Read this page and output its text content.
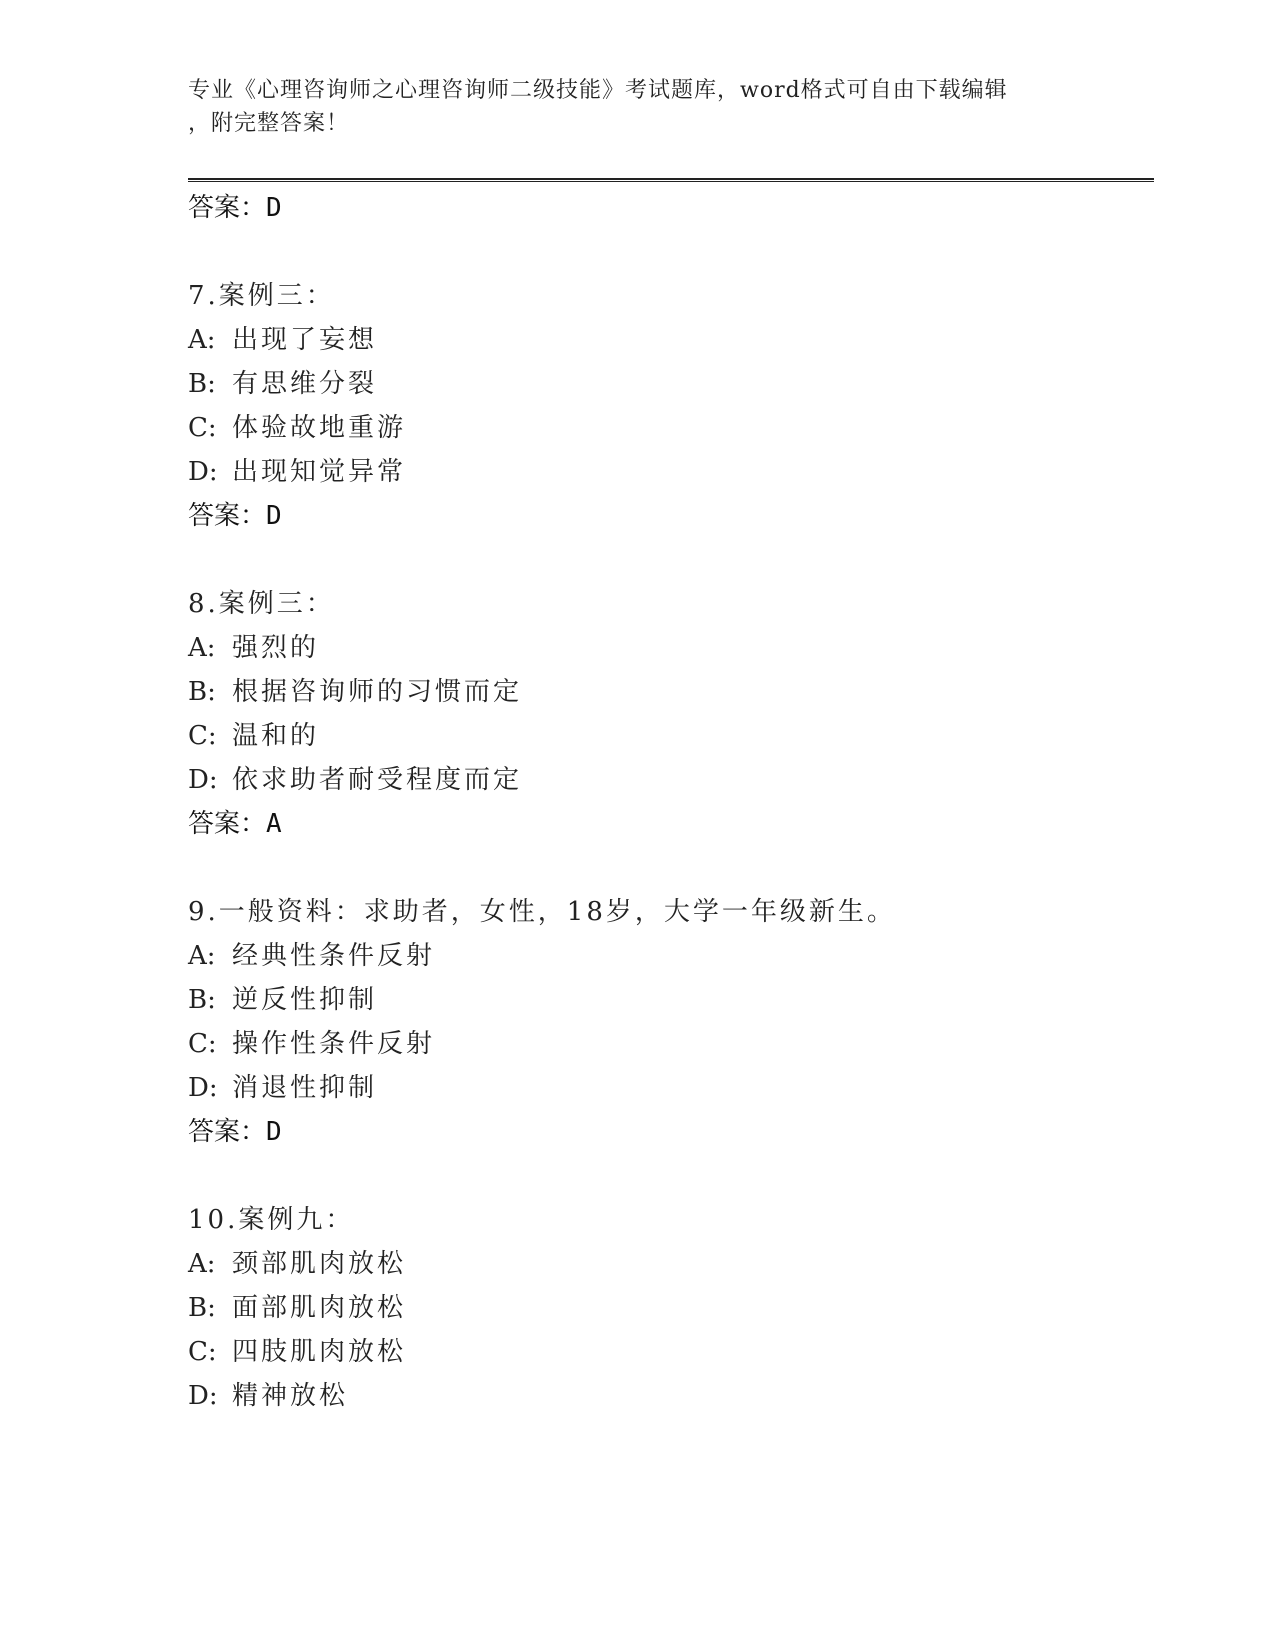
专业《心理咨询师之心理咨询师二级技能》考试题库，word格式可自由下载编辑
，附完整答案！
答案：D
7.案例三：
A: 出现了妄想
B: 有思维分裂
C: 体验故地重游
D: 出现知觉异常
答案：D
8.案例三：
A: 强烈的
B: 根据咨询师的习惯而定
C: 温和的
D: 依求助者耐受程度而定
答案：A
9.一般资料：求助者，女性，18岁，大学一年级新生。
A: 经典性条件反射
B: 逆反性抑制
C: 操作性条件反射
D: 消退性抑制
答案：D
10.案例九：
A: 颈部肌肉放松
B: 面部肌肉放松
C: 四肢肌肉放松
D: 精神放松
